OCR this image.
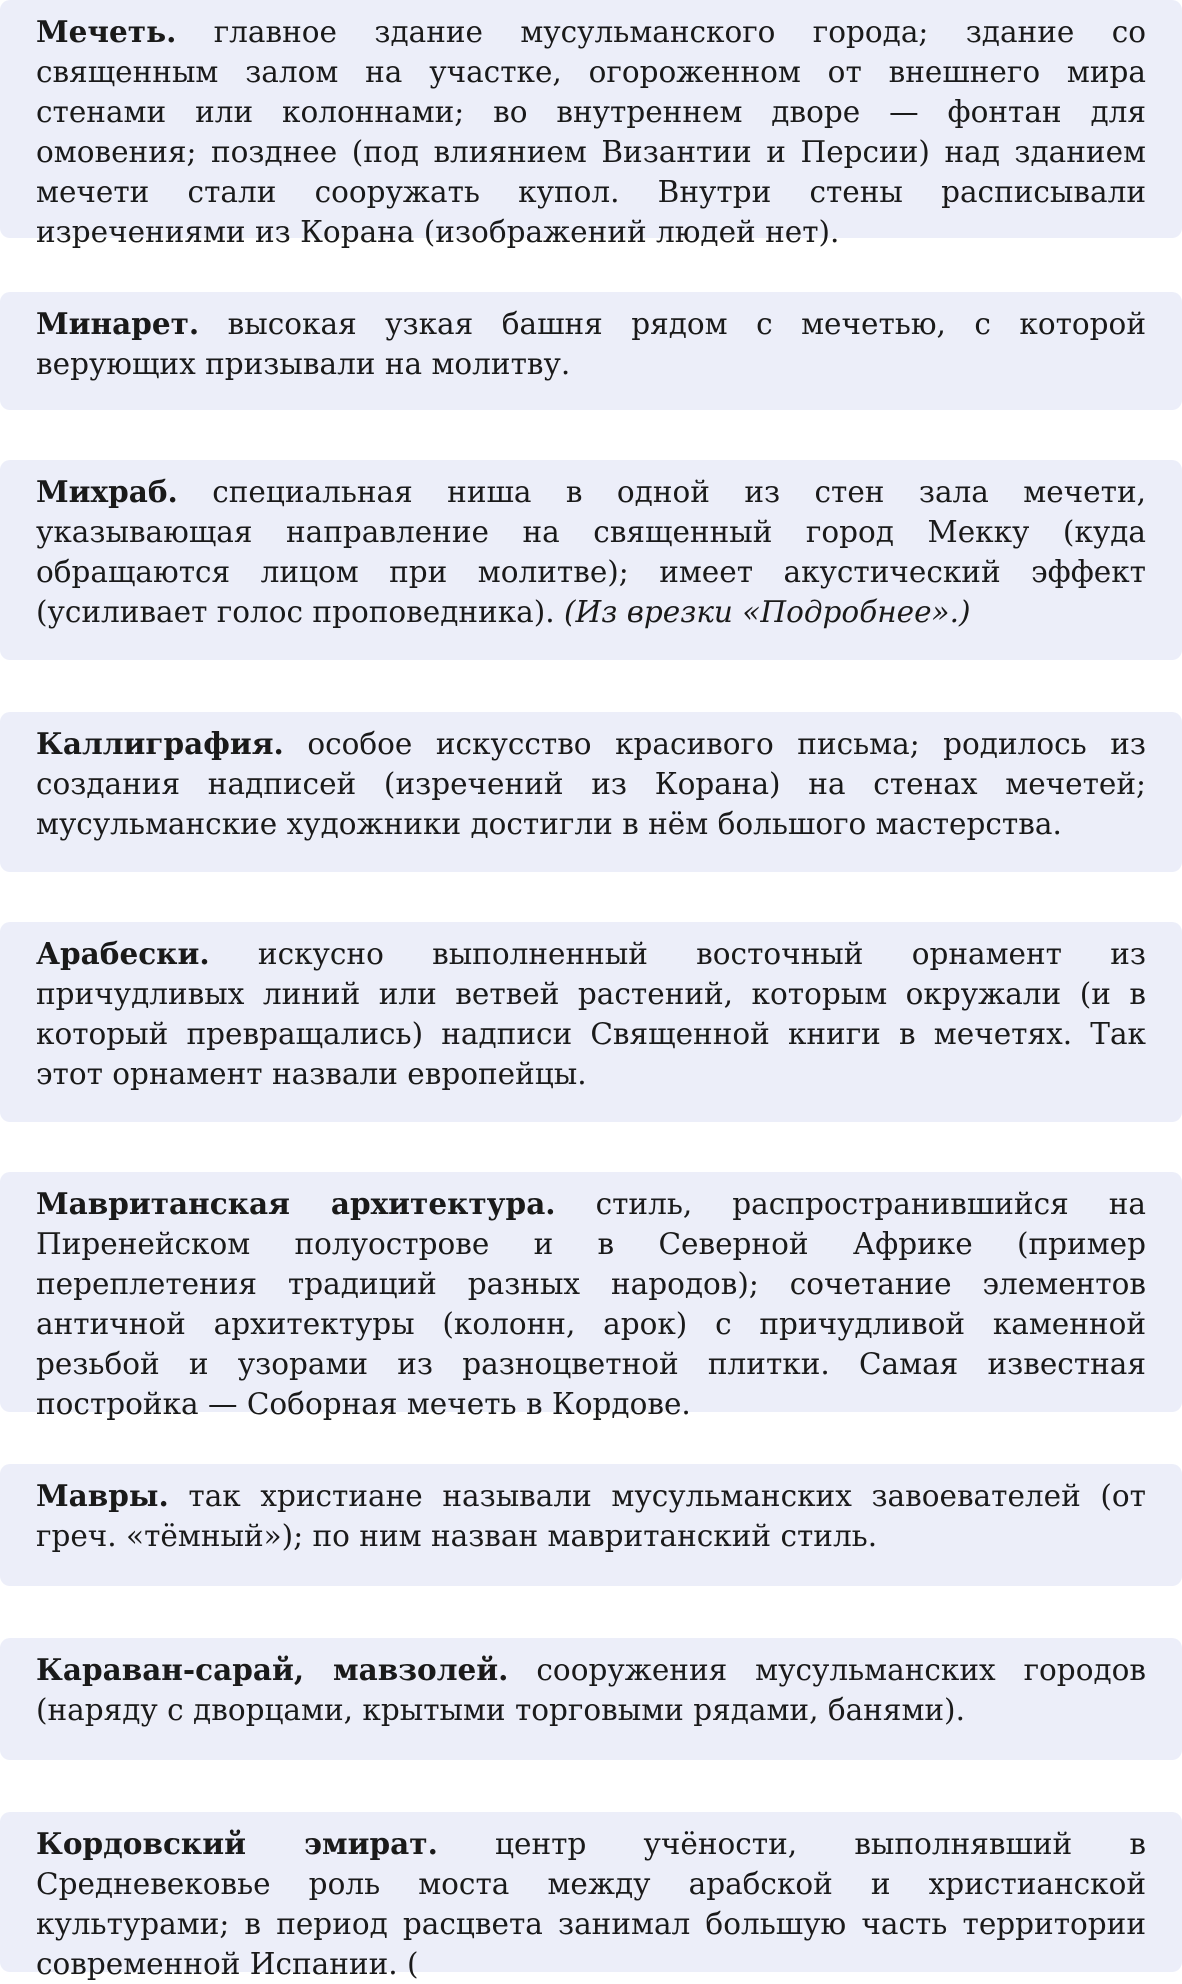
Мечеть. главное здание мусульманского города; здание со священным залом на участке, огороженном от внешнего мира стенами или колоннами; во внутреннем дворе — фонтан для омовения; позднее (под влиянием Византии и Персии) над зданием мечети стали сооружать купол. Внутри стены расписывали изречениями из Корана (изображений людей нет).

Минарет. высокая узкая башня рядом с мечетью, с которой верующих призывали на молитву.

Михраб. специальная ниша в одной из стен зала мечети, указывающая направление на священный город Мекку (куда обращаются лицом при молитве); имеет акустический эффект (усиливает голос проповедника). (Из врезки «Подробнее».)

Каллиграфия. особое искусство красивого письма; родилось из создания надписей (изречений из Корана) на стенах мечетей; мусульманские художники достигли в нём большого мастерства.

Арабески. искусно выполненный восточный орнамент из причудливых линий или ветвей растений, которым окружали (и в который превращались) надписи Священной книги в мечетях. Так этот орнамент назвали европейцы.

Мавританская архитектура. стиль, распространившийся на Пиренейском полуострове и в Северной Африке (пример переплетения традиций разных народов); сочетание элементов античной архитектуры (колонн, арок) с причудливой каменной резьбой и узорами из разноцветной плитки. Самая известная постройка — Соборная мечеть в Кордове.

Мавры. так христиане называли мусульманских завоевателей (от греч. «тёмный»); по ним назван мавританский стиль.

Караван-сарай, мавзолей. сооружения мусульманских городов (наряду с дворцами, крытыми торговыми рядами, банями).

Кордовский эмират. центр учёности, выполнявший в Средневековье роль моста между арабской и христианской культурами; в период расцвета занимал большую часть территории современной Испании. (
